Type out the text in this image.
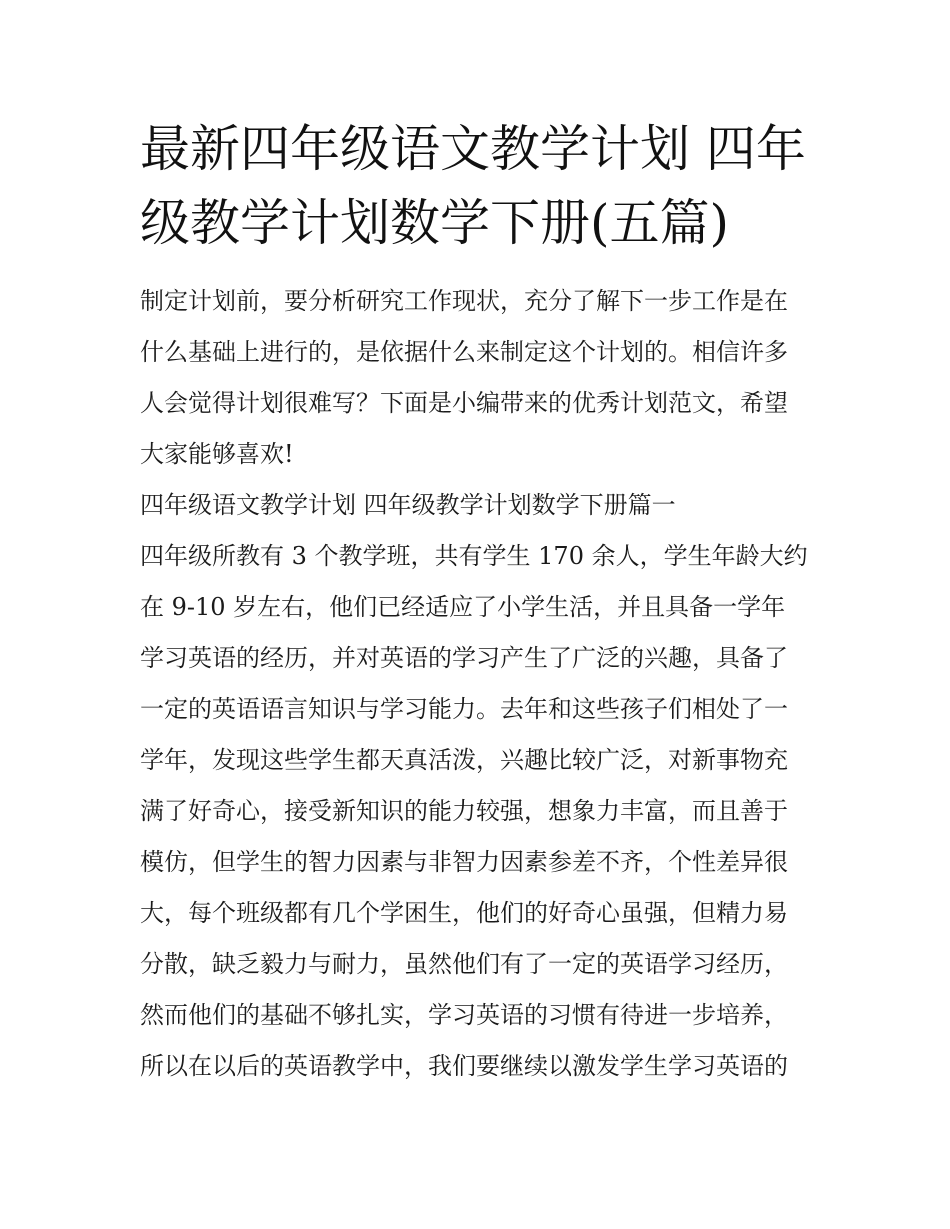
最新四年级语文教学计划 四年
级教学计划数学下册(五篇)
制定计划前，要分析研究工作现状，充分了解下一步工作是在
什么基础上进行的，是依据什么来制定这个计划的。相信许多
人会觉得计划很难写？下面是小编带来的优秀计划范文，希望
大家能够喜欢!
四年级语文教学计划 四年级教学计划数学下册篇一
四年级所教有 3 个教学班，共有学生 170 余人，学生年龄大约
在 9-10 岁左右，他们已经适应了小学生活，并且具备一学年
学习英语的经历，并对英语的学习产生了广泛的兴趣，具备了
一定的英语语言知识与学习能力。去年和这些孩子们相处了一
学年，发现这些学生都天真活泼，兴趣比较广泛，对新事物充
满了好奇心，接受新知识的能力较强，想象力丰富，而且善于
模仿，但学生的智力因素与非智力因素参差不齐，个性差异很
大，每个班级都有几个学困生，他们的好奇心虽强，但精力易
分散，缺乏毅力与耐力，虽然他们有了一定的英语学习经历，
然而他们的基础不够扎实，学习英语的习惯有待进一步培养，
所以在以后的英语教学中，我们要继续以激发学生学习英语的
